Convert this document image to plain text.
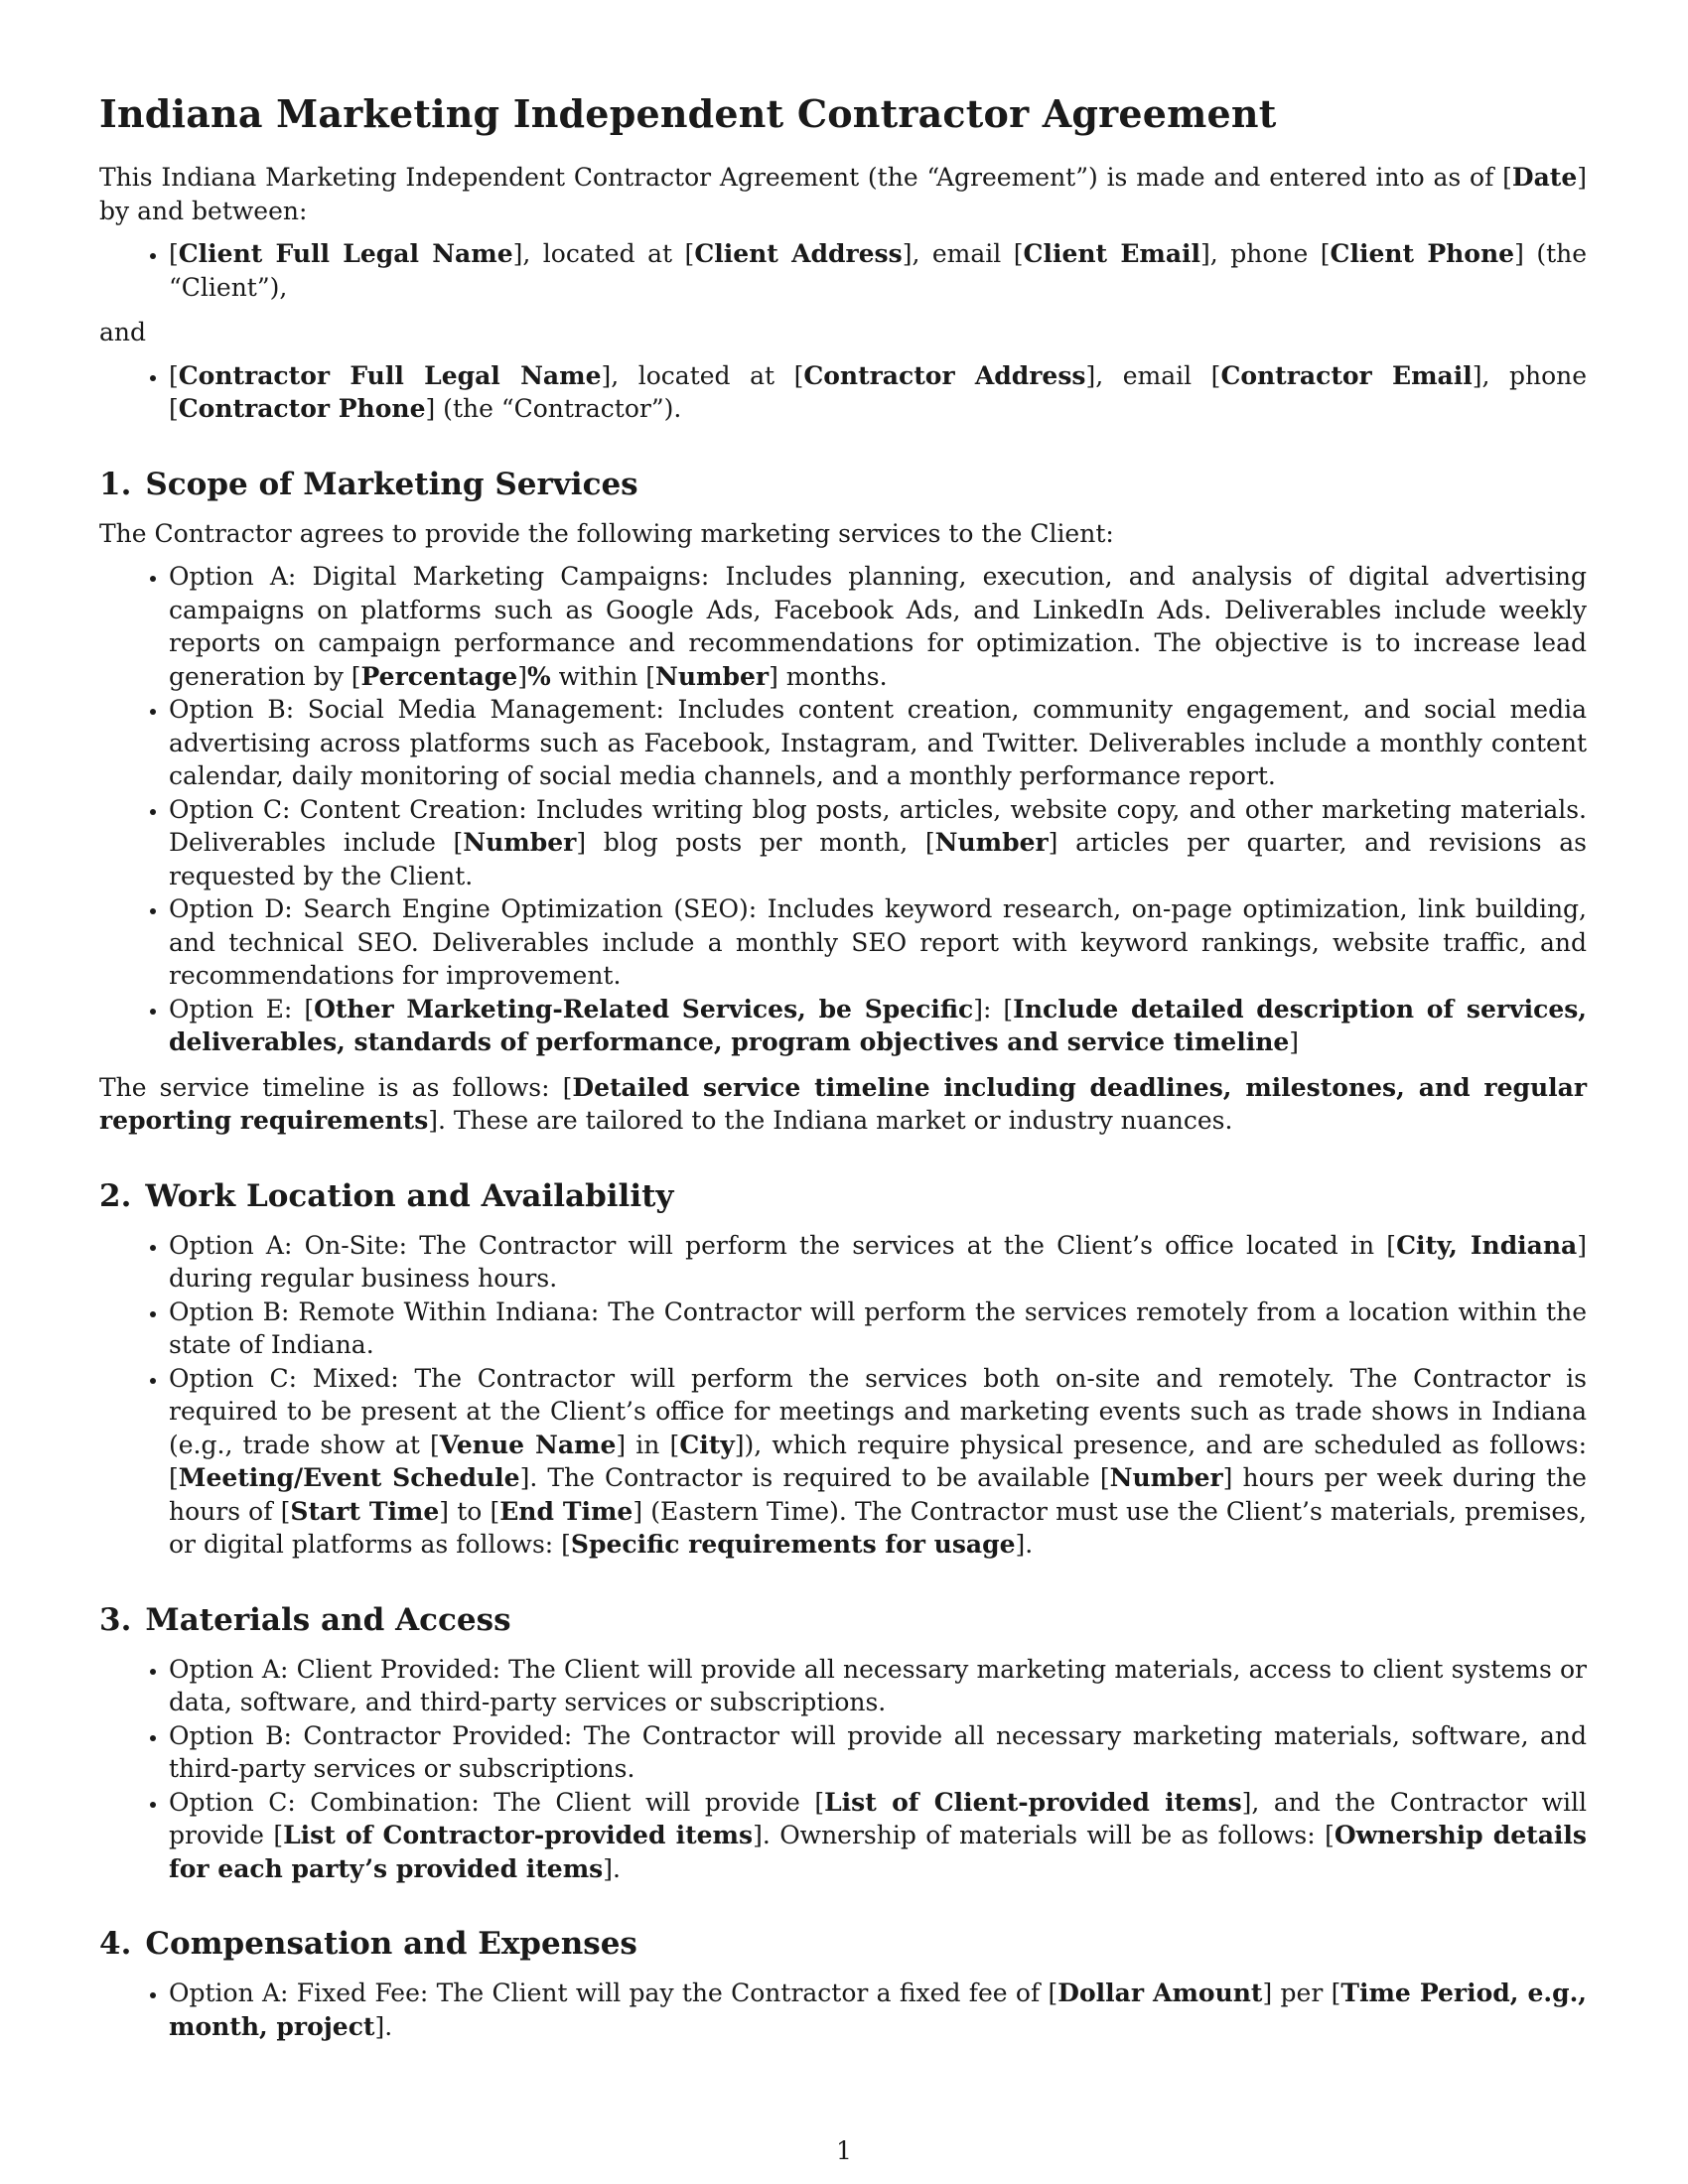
Indiana Marketing Independent Contractor Agreement

This Indiana Marketing Independent Contractor Agreement (the “Agreement”) is made and entered into as of [Date] by and between:

• [Client Full Legal Name], located at [Client Address], email [Client Email], phone [Client Phone] (the “Client”),

and

• [Contractor Full Legal Name], located at [Contractor Address], email [Contractor Email], phone [Contractor Phone] (the “Contractor”).
1. Scope of Marketing Services

The Contractor agrees to provide the following marketing services to the Client:

• Option A: Digital Marketing Campaigns: Includes planning, execution, and analysis of digital advertising campaigns on platforms such as Google Ads, Facebook Ads, and LinkedIn Ads. Deliverables include weekly reports on campaign performance and recommendations for optimization. The objective is to increase lead generation by [Percentage]% within [Number] months.
• Option B: Social Media Management: Includes content creation, community engagement, and social media advertising across platforms such as Facebook, Instagram, and Twitter. Deliverables include a monthly content calendar, daily monitoring of social media channels, and a monthly performance report.
• Option C: Content Creation: Includes writing blog posts, articles, website copy, and other marketing materials. Deliverables include [Number] blog posts per month, [Number] articles per quarter, and revisions as requested by the Client.
• Option D: Search Engine Optimization (SEO): Includes keyword research, on-page optimization, link building, and technical SEO. Deliverables include a monthly SEO report with keyword rankings, website traffic, and recommendations for improvement.
• Option E: [Other Marketing-Related Services, be Specific]: [Include detailed description of services, deliverables, standards of performance, program objectives and service timeline]

The service timeline is as follows: [Detailed service timeline including deadlines, milestones, and regular reporting requirements]. These are tailored to the Indiana market or industry nuances.

2. Work Location and Availability
• Option A: On-Site: The Contractor will perform the services at the Client’s office located in [City, Indiana] during regular business hours.
• Option B: Remote Within Indiana: The Contractor will perform the services remotely from a location within the state of Indiana.
• Option C: Mixed: The Contractor will perform the services both on-site and remotely. The Contractor is required to be present at the Client’s office for meetings and marketing events such as trade shows in Indiana (e.g., trade show at [Venue Name] in [City]), which require physical presence, and are scheduled as follows: [Meeting/Event Schedule]. The Contractor is required to be available [Number] hours per week during the hours of [Start Time] to [End Time] (Eastern Time). The Contractor must use the Client’s materials, premises, or digital platforms as follows: [Specific requirements for usage].
3. Materials and Access
• Option A: Client Provided: The Client will provide all necessary marketing materials, access to client systems or data, software, and third-party services or subscriptions.
• Option B: Contractor Provided: The Contractor will provide all necessary marketing materials, software, and third-party services or subscriptions.
• Option C: Combination: The Client will provide [List of Client-provided items], and the Contractor will provide [List of Contractor-provided items]. Ownership of materials will be as follows: [Ownership details for each party’s provided items].
4. Compensation and Expenses
• Option A: Fixed Fee: The Client will pay the Contractor a fixed fee of [Dollar Amount] per [Time Period, e.g., month, project].
1
